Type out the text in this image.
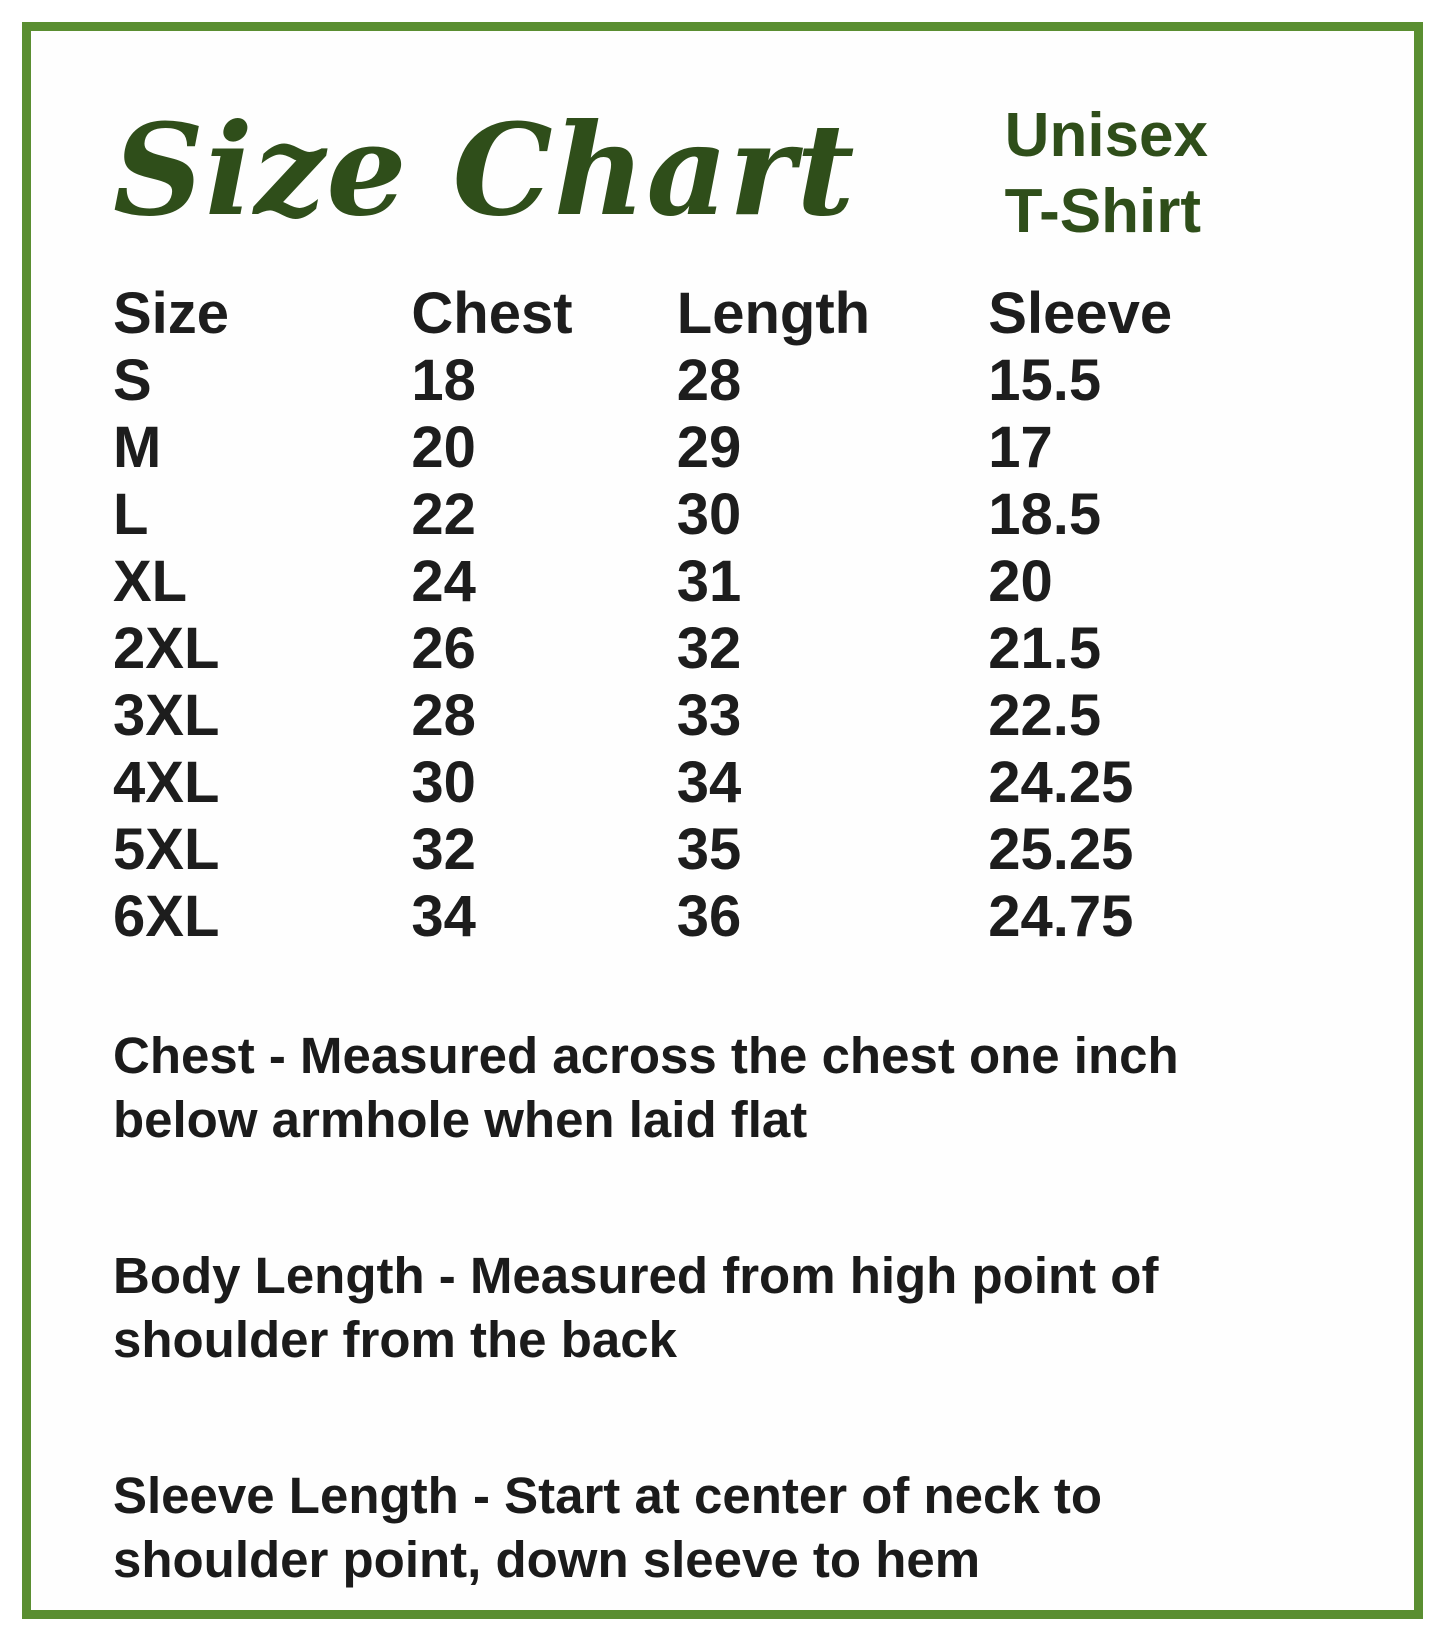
Size Chart Unisex
T-Shirt
Size	Chest	Length	Sleeve
S	18	28	15.5
M	20	29	17
L	22	30	18.5
XL	24	31	20
2XL	26	32	21.5
3XL	28	33	22.5
4XL	30	34	24.25
5XL	32	35	25.25
6XL	34	36	24.75

Chest - Measured across the chest one inch below armhole when laid flat

Body Length - Measured from high point of shoulder from the back

Sleeve Length - Start at center of neck to shoulder point, down sleeve to hem
